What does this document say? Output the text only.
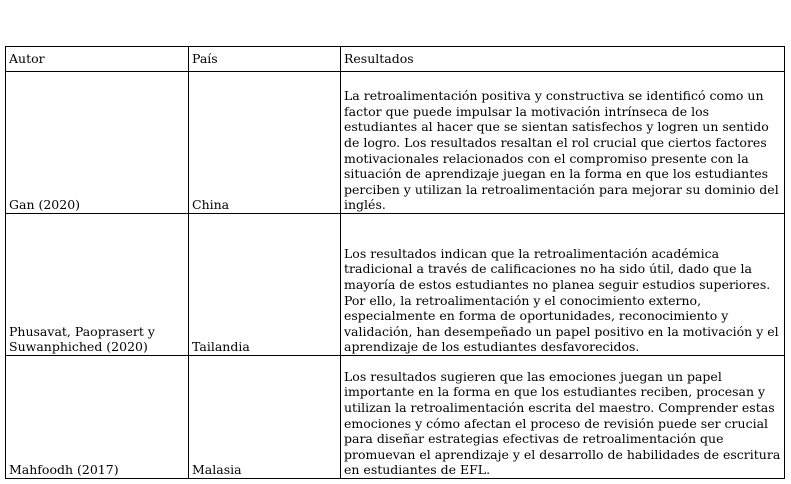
Autor	País	Resultados
Gan (2020)	China	La retroalimentación positiva y constructiva se identificó como un factor que puede impulsar la motivación intrínseca de los estudiantes al hacer que se sientan satisfechos y logren un sentido de logro. Los resultados resaltan el rol crucial que ciertos factores motivacionales relacionados con el compromiso presente con la situación de aprendizaje juegan en la forma en que los estudiantes perciben y utilizan la retroalimentación para mejorar su dominio del inglés.
Phusavat, Paoprasert y Suwanphiched (2020)	Tailandia	Los resultados indican que la retroalimentación académica tradicional a través de calificaciones no ha sido útil, dado que la mayoría de estos estudiantes no planea seguir estudios superiores. Por ello, la retroalimentación y el conocimiento externo, especialmente en forma de oportunidades, reconocimiento y validación, han desempeñado un papel positivo en la motivación y el aprendizaje de los estudiantes desfavorecidos.
Mahfoodh (2017)	Malasia	Los resultados sugieren que las emociones juegan un papel importante en la forma en que los estudiantes reciben, procesan y utilizan la retroalimentación escrita del maestro. Comprender estas emociones y cómo afectan el proceso de revisión puede ser crucial para diseñar estrategias efectivas de retroalimentación que promuevan el aprendizaje y el desarrollo de habilidades de escritura en estudiantes de EFL.
